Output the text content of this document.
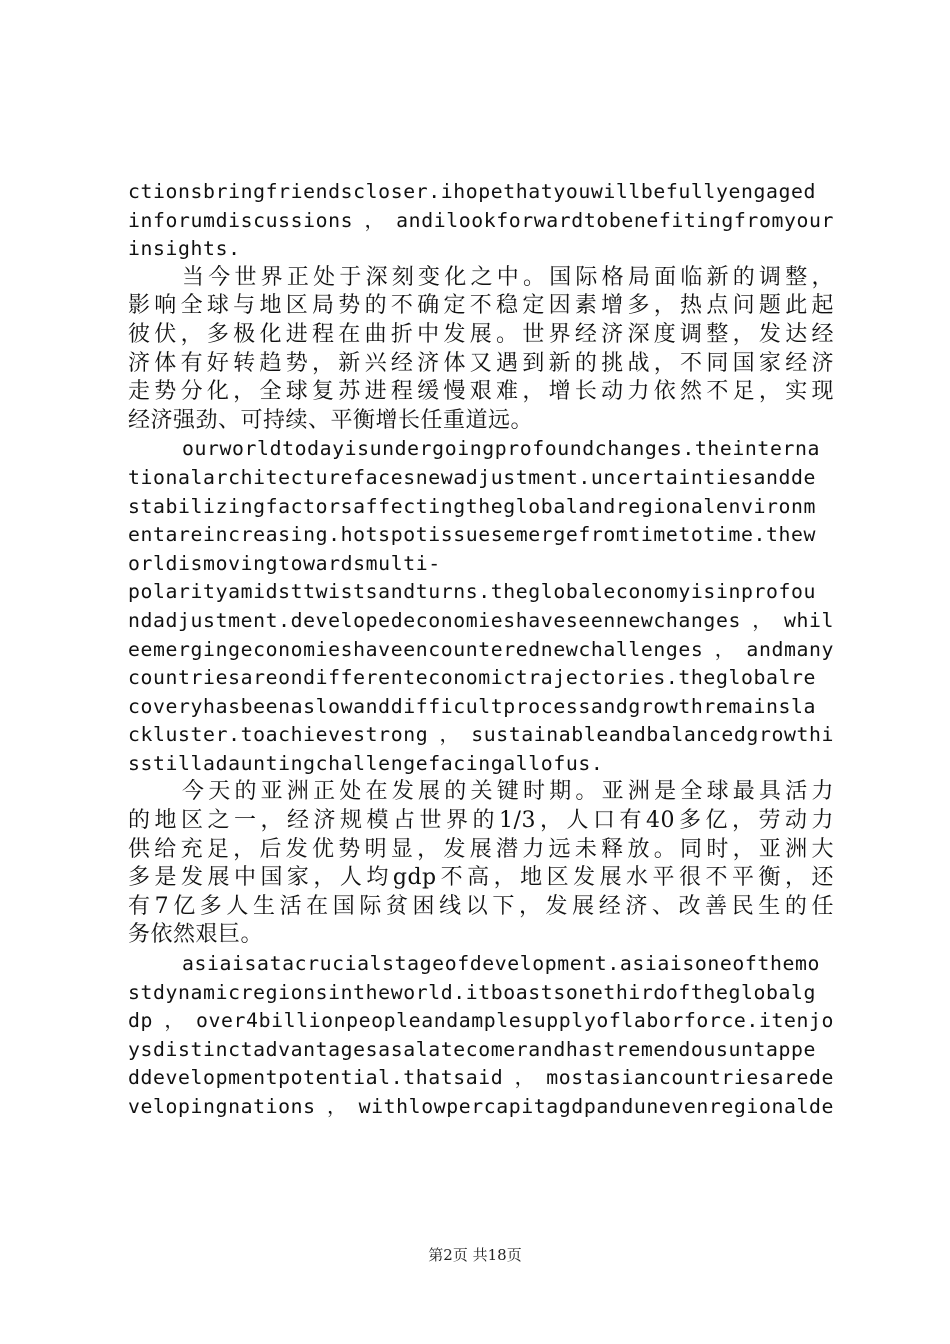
ctionsbringfriendscloser.ihopethatyouwillbefullyengaged
inforumdiscussions，andilookforwardtobenefitingfromyour
insights.
当今世界正处于深刻变化之中。国际格局面临新的调整，
影响全球与地区局势的不确定不稳定因素增多，热点问题此起
彼伏，多极化进程在曲折中发展。世界经济深度调整，发达经
济体有好转趋势，新兴经济体又遇到新的挑战，不同国家经济
走势分化，全球复苏进程缓慢艰难，增长动力依然不足，实现
经济强劲、可持续、平衡增长任重道远。
ourworldtodayisundergoingprofoundchanges.theinterna
tionalarchitecturefacesnewadjustment.uncertaintiesandde
stabilizingfactorsaffectingtheglobalandregionalenvironm
entareincreasing.hotspotissuesemergefromtimetotime.thew
orldismovingtowardsmulti-
polarityamidsttwistsandturns.theglobaleconomyisinprofou
ndadjustment.developedeconomieshaveseennewchanges，whil
eemergingeconomieshaveencounterednewchallenges，andmany
countriesareondifferenteconomictrajectories.theglobalre
coveryhasbeenaslowanddifficultprocessandgrowthremainsla
ckluster.toachievestrong，sustainableandbalancedgrowthi
sstilladauntingchallengefacingallofus.
今天的亚洲正处在发展的关键时期。亚洲是全球最具活力
的地区之一，经济规模占世界的1/3，人口有40多亿，劳动力
供给充足，后发优势明显，发展潜力远未释放。同时，亚洲大
多是发展中国家，人均gdp不高，地区发展水平很不平衡，还
有7亿多人生活在国际贫困线以下，发展经济、改善民生的任
务依然艰巨。
asiaisatacrucialstageofdevelopment.asiaisoneofthemo
stdynamicregionsintheworld.itboastsonethirdoftheglobalg
dp，over4billionpeopleandamplesupplyoflaborforce.itenjo
ysdistinctadvantagesasalatecomerandhastremendousuntappe
ddevelopmentpotential.thatsaid，mostasiancountriesarede
velopingnations，withlowpercapitagdpandunevenregionalde
第2页 共18页
